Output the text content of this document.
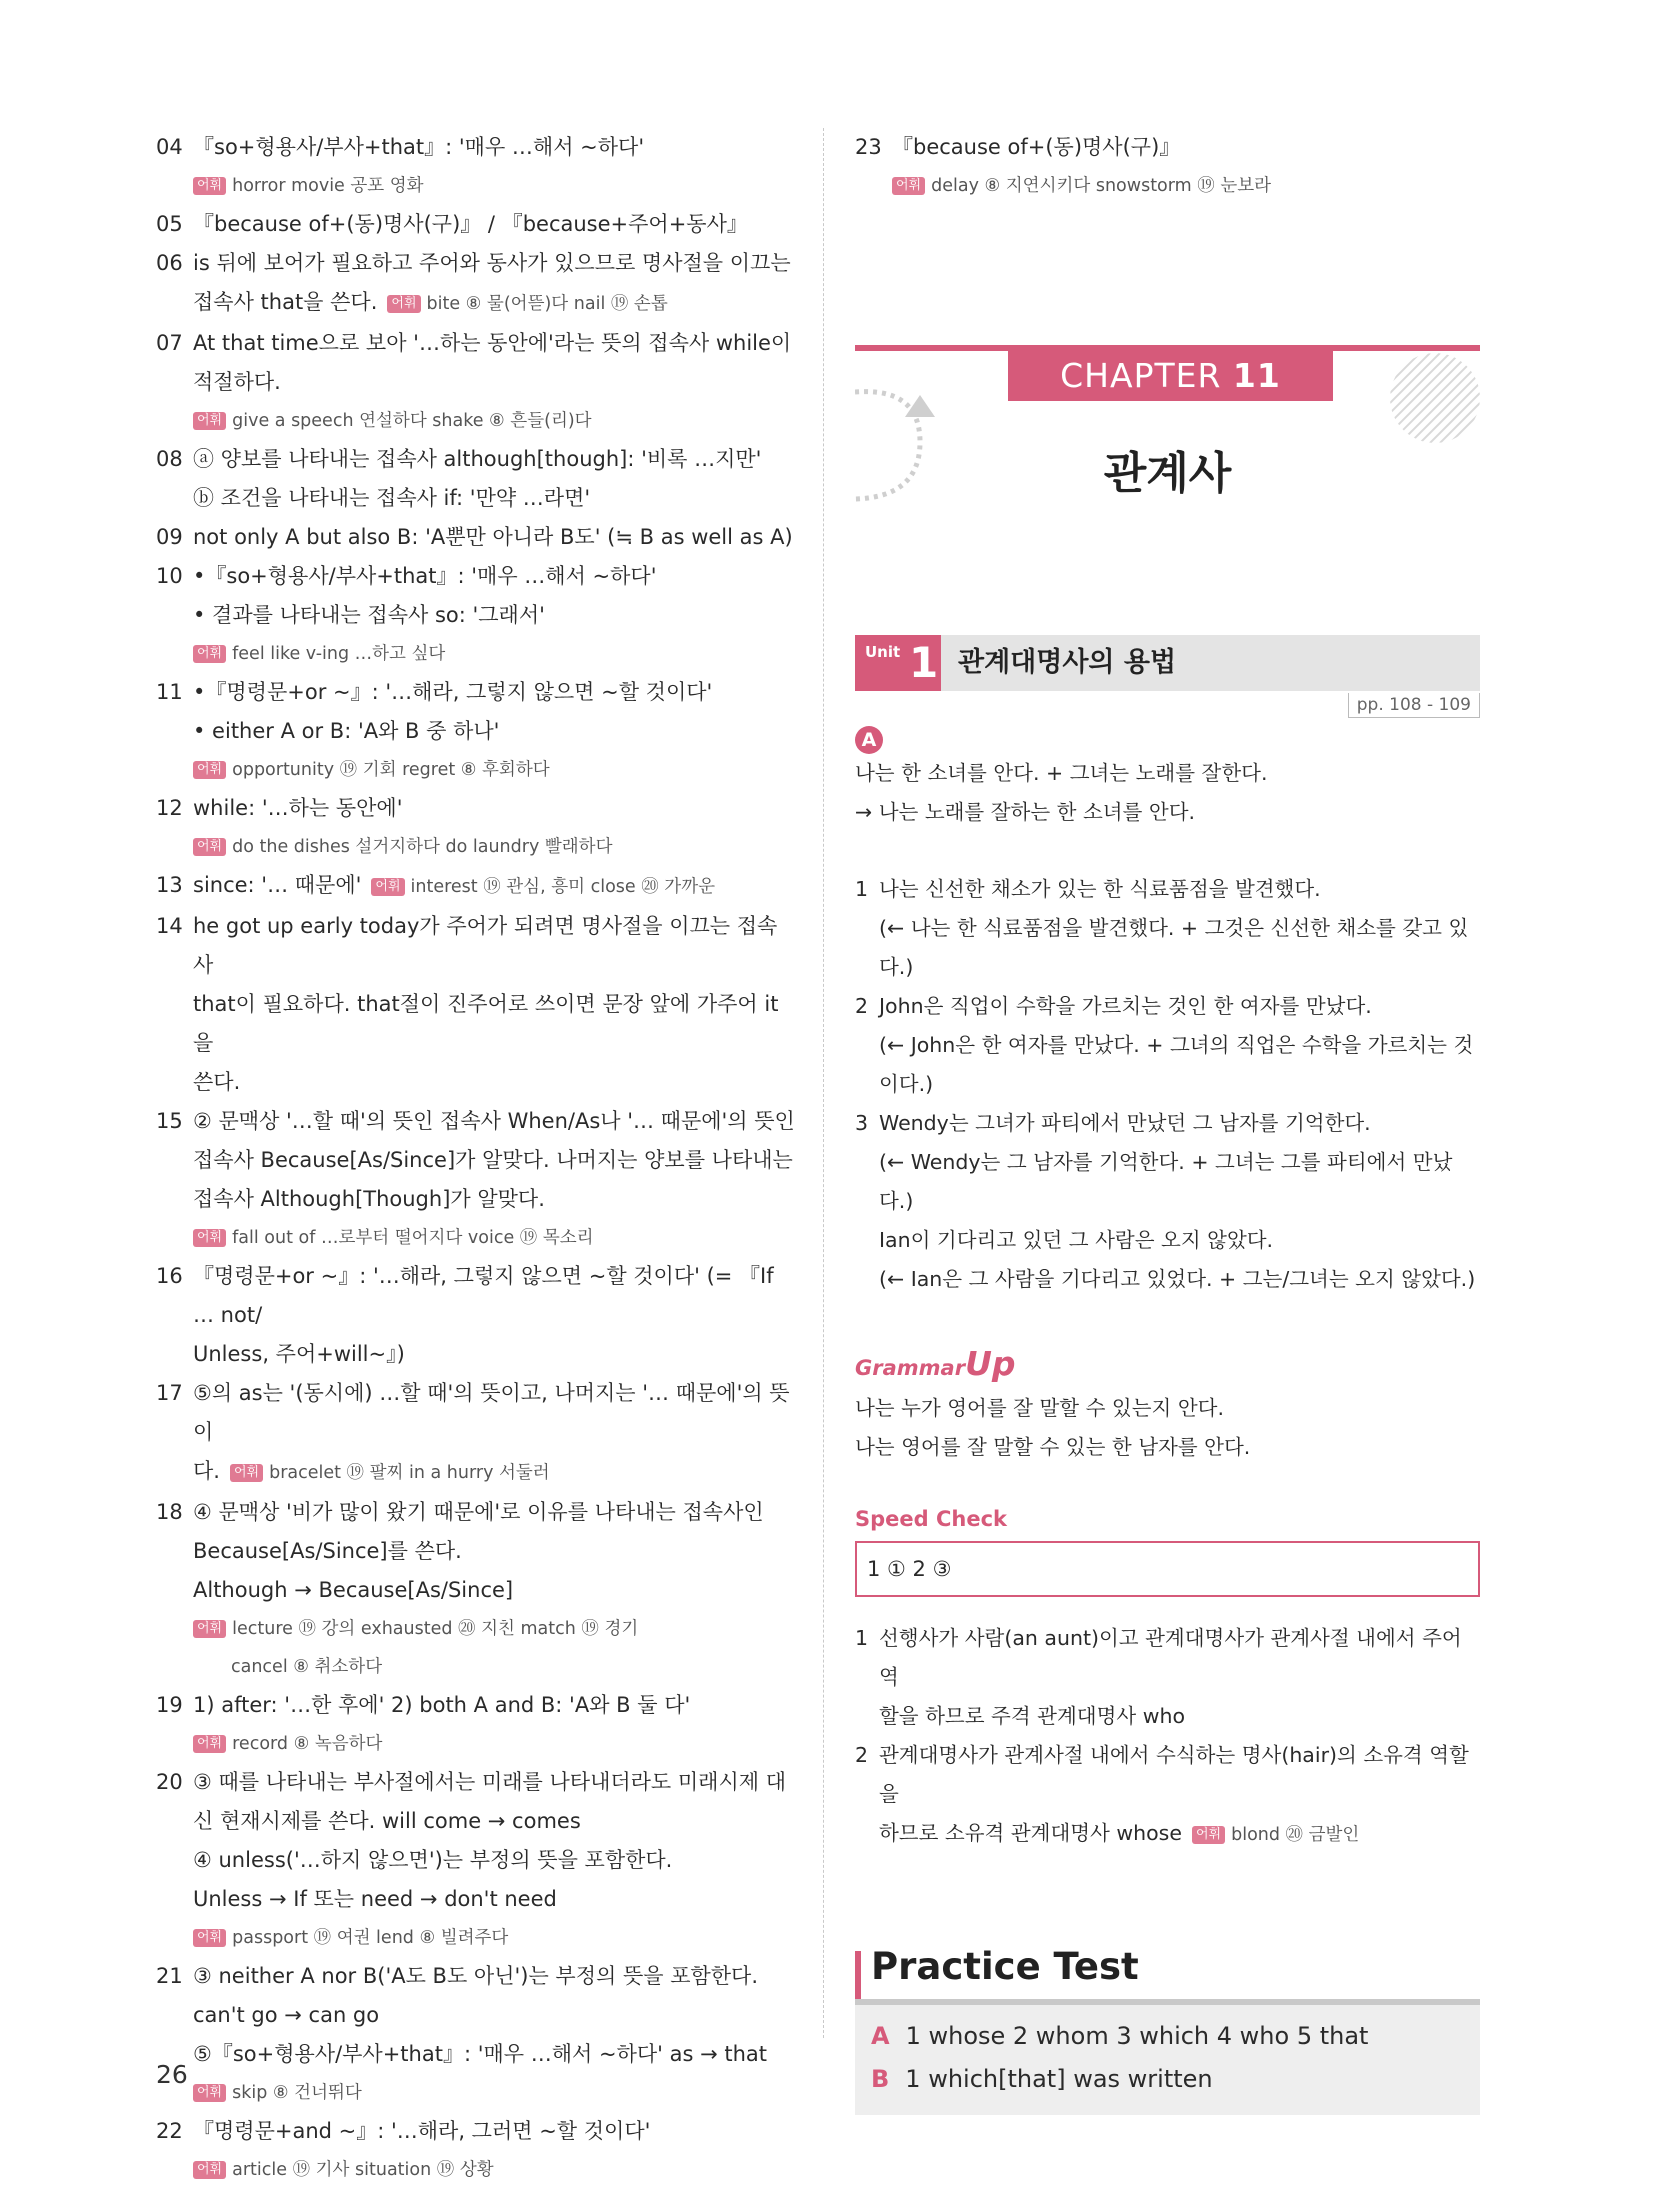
04 『so+형용사/부사+that』: '매우 …해서 ~하다'
어휘 horror movie 공포 영화
05 『because of+(동)명사(구)』 / 『because+주어+동사』
06 is 뒤에 보어가 필요하고 주어와 동사가 있으므로 명사절을 이끄는
접속사 that을 쓴다. 어휘 bite ⑧ 물(어뜯)다 nail ⑲ 손톱
07 At that time으로 보아 '…하는 동안에'라는 뜻의 접속사 while이
적절하다.
어휘 give a speech 연설하다 shake ⑧ 흔들(리)다
08 ⓐ 양보를 나타내는 접속사 although[though]: '비록 …지만'
ⓑ 조건을 나타내는 접속사 if: '만약 …라면'
09 not only A but also B: 'A뿐만 아니라 B도' (≒ B as well as A)
10 •『so+형용사/부사+that』: '매우 …해서 ~하다'
• 결과를 나타내는 접속사 so: '그래서'
어휘 feel like v-ing …하고 싶다
11 •『명령문+or ~』: '…해라, 그렇지 않으면 ~할 것이다'
• either A or B: 'A와 B 중 하나'
어휘 opportunity ⑲ 기회 regret ⑧ 후회하다
12 while: '…하는 동안에'
어휘 do the dishes 설거지하다 do laundry 빨래하다
13 since: '… 때문에' 어휘 interest ⑲ 관심, 흥미 close ⑳ 가까운
14 he got up early today가 주어가 되려면 명사절을 이끄는 접속사
that이 필요하다. that절이 진주어로 쓰이면 문장 앞에 가주어 it을
쓴다.
15 ② 문맥상 '…할 때'의 뜻인 접속사 When/As나 '… 때문에'의 뜻인
접속사 Because[As/Since]가 알맞다. 나머지는 양보를 나타내는
접속사 Although[Though]가 알맞다.
어휘 fall out of …로부터 떨어지다 voice ⑲ 목소리
16 『명령문+or ~』: '…해라, 그렇지 않으면 ~할 것이다' (= 『If … not/
Unless, 주어+will~』)
17 ⑤의 as는 '(동시에) …할 때'의 뜻이고, 나머지는 '… 때문에'의 뜻이
다. 어휘 bracelet ⑲ 팔찌 in a hurry 서둘러
18 ④ 문맥상 '비가 많이 왔기 때문에'로 이유를 나타내는 접속사인
Because[As/Since]를 쓴다.
Although → Because[As/Since]
어휘 lecture ⑲ 강의 exhausted ⑳ 지친 match ⑲ 경기
cancel ⑧ 취소하다
19 1) after: '…한 후에' 2) both A and B: 'A와 B 둘 다'
어휘 record ⑧ 녹음하다
20 ③ 때를 나타내는 부사절에서는 미래를 나타내더라도 미래시제 대
신 현재시제를 쓴다. will come → comes
④ unless('…하지 않으면')는 부정의 뜻을 포함한다.
Unless → If 또는 need → don't need
어휘 passport ⑲ 여권 lend ⑧ 빌려주다
21 ③ neither A nor B('A도 B도 아닌')는 부정의 뜻을 포함한다.
can't go → can go
⑤『so+형용사/부사+that』: '매우 …해서 ~하다' as → that
어휘 skip ⑧ 건너뛰다
22 『명령문+and ~』: '…해라, 그러면 ~할 것이다'
어휘 article ⑲ 기사 situation ⑲ 상황
23 『because of+(동)명사(구)』
어휘 delay ⑧ 지연시키다 snowstorm ⑲ 눈보라
CHAPTER 11
관계사
Unit 1 관계대명사의 용법
pp. 108 - 109
A

나는 한 소녀를 안다. + 그녀는 노래를 잘한다.

→ 나는 노래를 잘하는 한 소녀를 안다.

1 나는 신선한 채소가 있는 한 식료품점을 발견했다.
(← 나는 한 식료품점을 발견했다. + 그것은 신선한 채소를 갖고 있다.)
2 John은 직업이 수학을 가르치는 것인 한 여자를 만났다.
(← John은 한 여자를 만났다. + 그녀의 직업은 수학을 가르치는 것
이다.)
3 Wendy는 그녀가 파티에서 만났던 그 남자를 기억한다.
(← Wendy는 그 남자를 기억한다. + 그녀는 그를 파티에서 만났
다.)
Ian이 기다리고 있던 그 사람은 오지 않았다.
(← Ian은 그 사람을 기다리고 있었다. + 그는/그녀는 오지 않았다.)
GrammarUp

나는 누가 영어를 잘 말할 수 있는지 안다.

나는 영어를 잘 말할 수 있는 한 남자를 안다.

Speed Check
1 ① 2 ③
1 선행사가 사람(an aunt)이고 관계대명사가 관계사절 내에서 주어 역
할을 하므로 주격 관계대명사 who
2 관계대명사가 관계사절 내에서 수식하는 명사(hair)의 소유격 역할을
하므로 소유격 관계대명사 whose 어휘 blond ⑳ 금발인
Practice Test
A 1 whose 2 whom 3 which 4 who 5 that
B 1 which[that] was written
26
